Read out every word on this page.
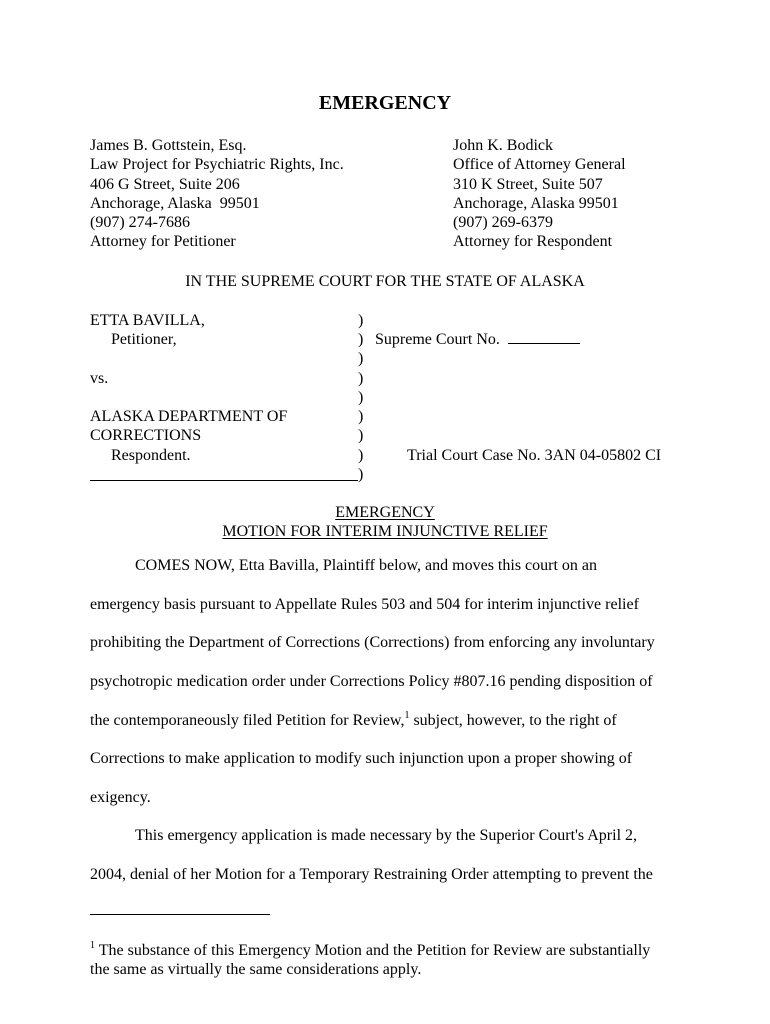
EMERGENCY
James B. Gottstein, Esq.
Law Project for Psychiatric Rights, Inc.
406 G Street, Suite 206
Anchorage, Alaska  99501
(907) 274-7686
Attorney for Petitioner
John K. Bodick
Office of Attorney General
310 K Street, Suite 507
Anchorage, Alaska 99501
(907) 269-6379
Attorney for Respondent
IN THE SUPREME COURT FOR THE STATE OF ALASKA
ETTA BAVILLA,
Petitioner,
vs.
ALASKA DEPARTMENT OF
CORRECTIONS
Respondent.
)
)
)
)
)
)
)
)
)
Supreme Court No.
Trial Court Case No. 3AN 04-05802 CI
EMERGENCY
MOTION FOR INTERIM INJUNCTIVE RELIEF
COMES NOW, Etta Bavilla, Plaintiff below, and moves this court on an
emergency basis pursuant to Appellate Rules 503 and 504 for interim injunctive relief
prohibiting the Department of Corrections (Corrections) from enforcing any involuntary
psychotropic medication order under Corrections Policy #807.16 pending disposition of
the contemporaneously filed Petition for Review,$^1$ subject, however, to the right of
Corrections to make application to modify such injunction upon a proper showing of
exigency.
This emergency application is made necessary by the Superior Court's April 2,
2004, denial of her Motion for a Temporary Restraining Order attempting to prevent the
$^1$ The substance of this Emergency Motion and the Petition for Review are substantially
the same as virtually the same considerations apply.
